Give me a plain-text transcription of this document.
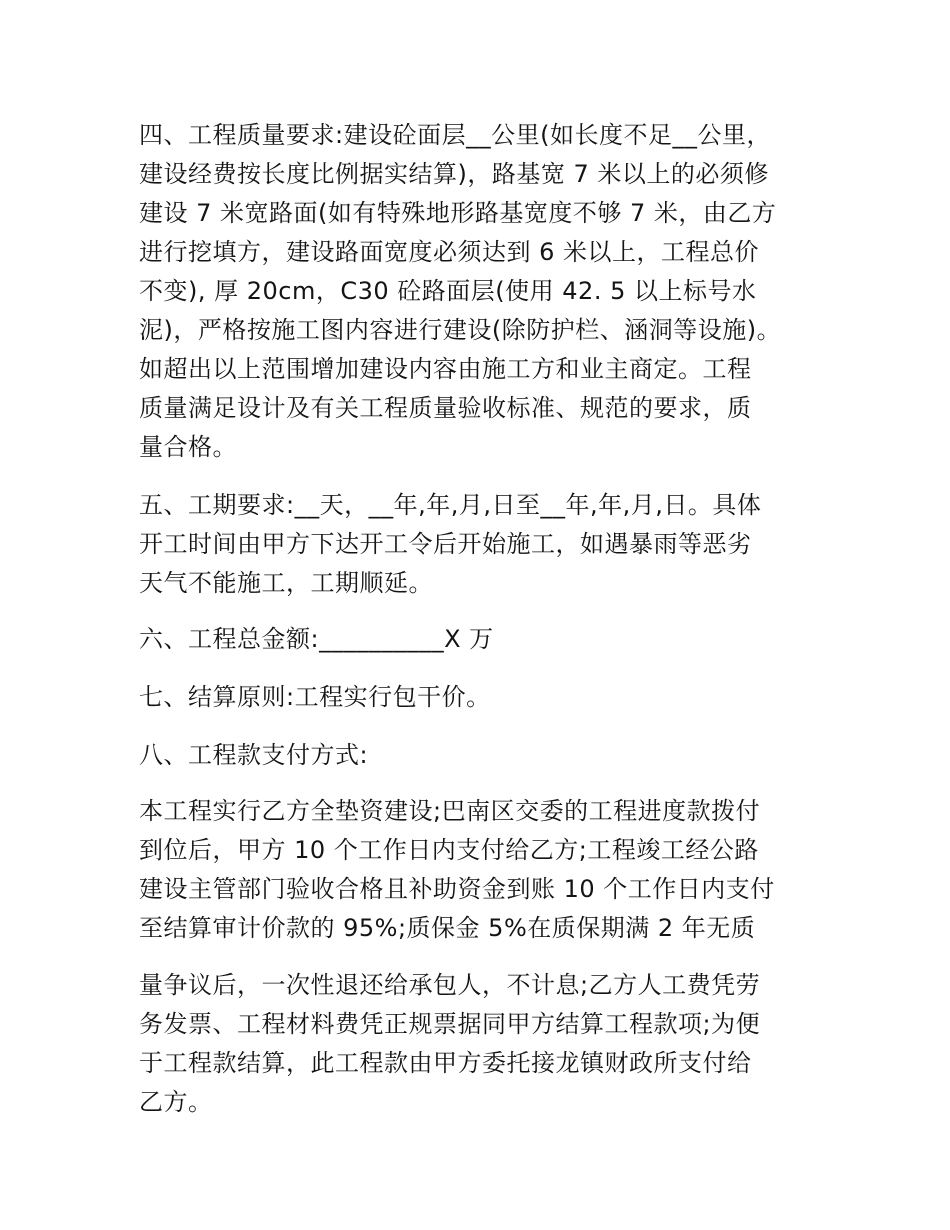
四、工程质量要求:建设砼面层__公里(如长度不足__公里，
建设经费按长度比例据实结算)，路基宽 7 米以上的必须修
建设 7 米宽路面(如有特殊地形路基宽度不够 7 米，由乙方
进行挖填方，建设路面宽度必须达到 6 米以上，工程总价
不变), 厚 20cm，C30 砼路面层(使用 42. 5 以上标号水
泥)，严格按施工图内容进行建设(除防护栏、涵洞等设施)。
如超出以上范围增加建设内容由施工方和业主商定。工程
质量满足设计及有关工程质量验收标准、规范的要求，质
量合格。
五、工期要求:__天，__年,年,月,日至__年,年,月,日。具体
开工时间由甲方下达开工令后开始施工，如遇暴雨等恶劣
天气不能施工，工期顺延。
六、工程总金额:__________X 万
七、结算原则:工程实行包干价。
八、工程款支付方式:
本工程实行乙方全垫资建设;巴南区交委的工程进度款拨付
到位后，甲方 10 个工作日内支付给乙方;工程竣工经公路
建设主管部门验收合格且补助资金到账 10 个工作日内支付
至结算审计价款的 95%;质保金 5%在质保期满 2 年无质
量争议后，一次性退还给承包人，不计息;乙方人工费凭劳
务发票、工程材料费凭正规票据同甲方结算工程款项;为便
于工程款结算，此工程款由甲方委托接龙镇财政所支付给
乙方。
